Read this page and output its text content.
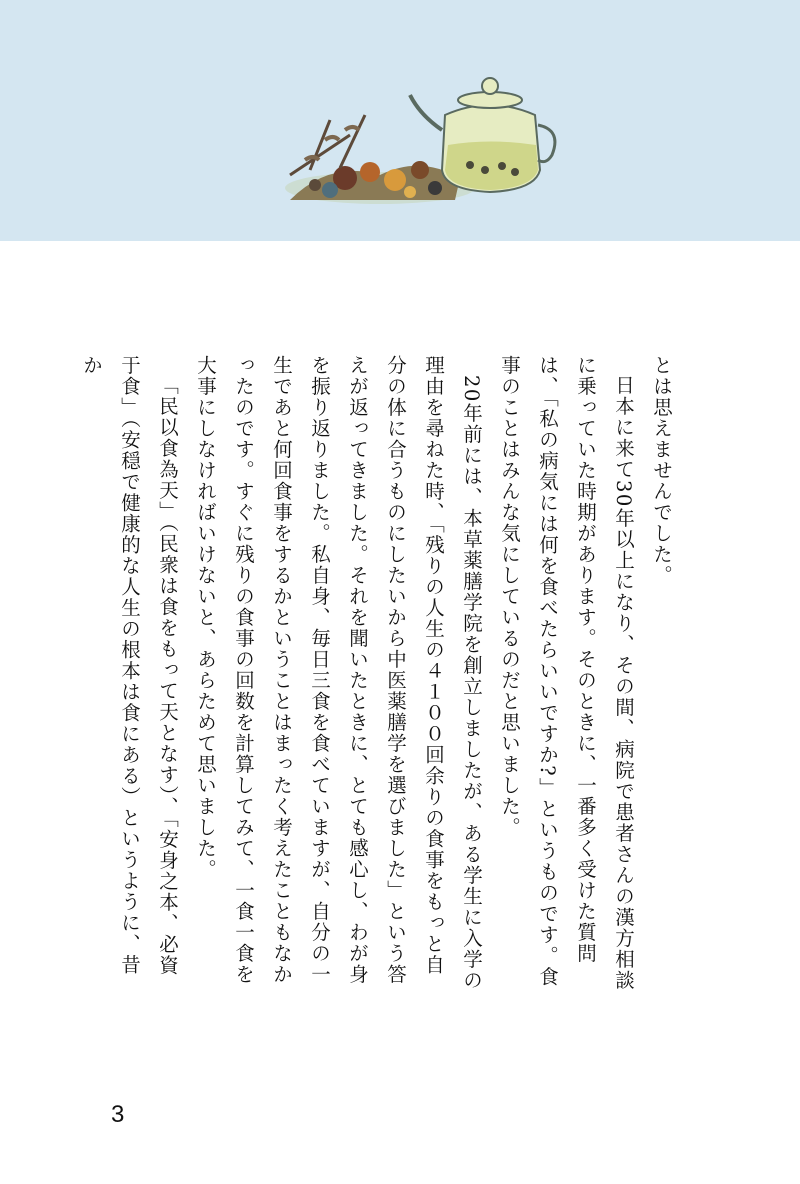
とは思えませんでした。

日本に来て30年以上になり、その間、病院で患者さんの漢方相談に乗っていた時期があります。そのときに、一番多く受けた質問は、「私の病気には何を食べたらいいですか?」というものです。食事のことはみんな気にしているのだと思いました。

20年前には、本草薬膳学院を創立しましたが、ある学生に入学の理由を尋ねた時、「残りの人生の４１００回余りの食事をもっと自分の体に合うものにしたいから中医薬膳学を選びました」という答えが返ってきました。それを聞いたときに、とても感心し、わが身を振り返りました。私自身、毎日三食を食べていますが、自分の一生であと何回食事をするかということはまったく考えたこともなかったのです。すぐに残りの食事の回数を計算してみて、一食一食を大事にしなければいけないと、あらためて思いました。

「民以食為天」（民衆は食をもって天となす）、「安身之本、必資于食」（安穏で健康的な人生の根本は食にある）というように、昔か

3
